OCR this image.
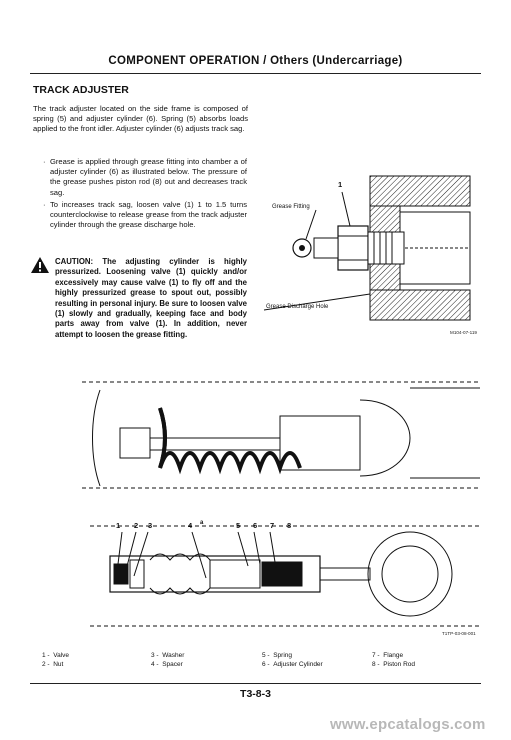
COMPONENT OPERATION / Others (Undercarriage)
TRACK ADJUSTER
The track adjuster located on the side frame is composed of spring (5) and adjuster cylinder (6). Spring (5) absorbs loads applied to the front idler. Adjuster cylinder (6) adjusts track sag.
· Grease is applied through grease fitting into chamber a of adjuster cylinder (6) as illustrated below. The pressure of the grease pushes piston rod (8) out and decreases track sag.
· To increases track sag, loosen valve (1) 1 to 1.5 turns counterclockwise to release grease from the track adjuster cylinder through the grease discharge hole.
CAUTION: The adjusting cylinder is highly pressurized. Loosening valve (1) quickly and/or excessively may cause valve (1) to fly off and the highly pressurized grease to spout out, possibly resulting in personal injury. Be sure to loosen valve (1) slowly and gradually, keeping face and body parts away from valve (1). In addition, never attempt to loosen the grease fitting.
1
Grease Fitting
Grease Discharge Hole
M104-07-119
1 2 3	4 a	5 6 7 8
T1TP-03-08-001
1 - Valve
2 - Nut
3 - Washer
4 - Spacer
5 - Spring
6 - Adjuster Cylinder
7 - Flange
8 - Piston Rod
T3-8-3
www.epcatalogs.com
